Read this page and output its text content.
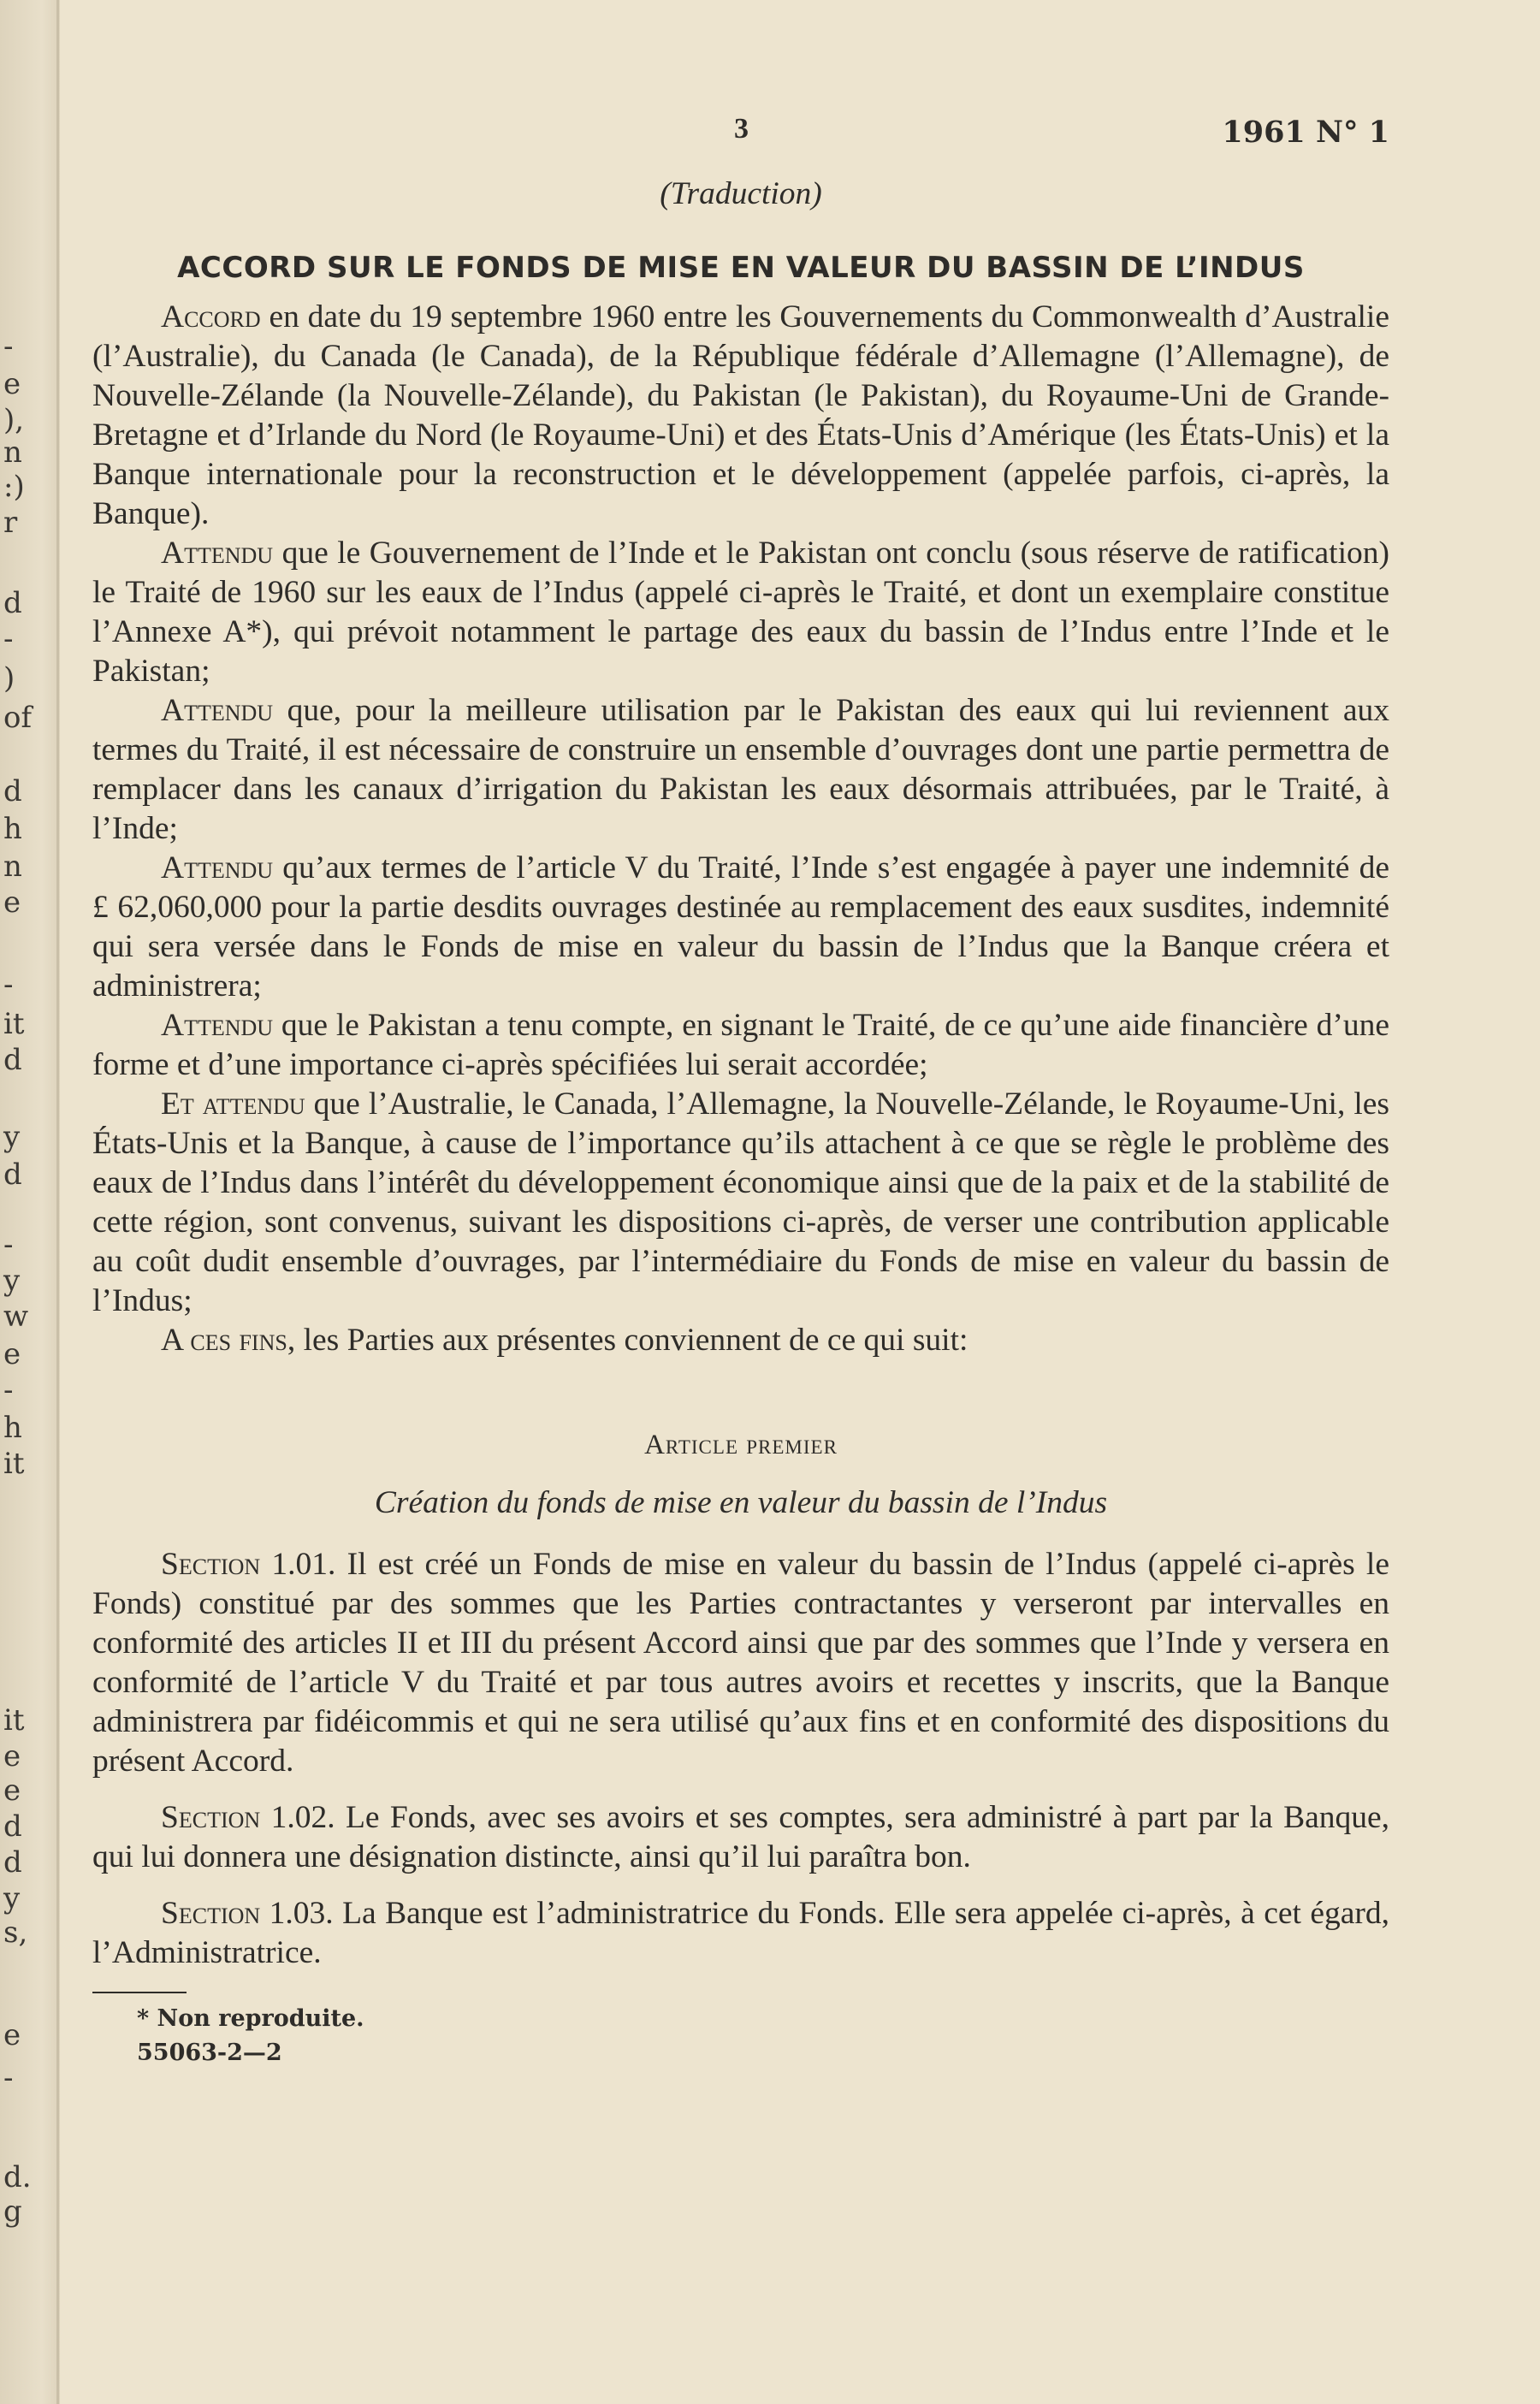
-
e
),
n
:)
r
d
-
)
of
d
h
n
e
-
it
d
y
d
-
y
w
e
-
h
it
it
e
e
d
d
y
s,
e
-
d.
g
3	1961 N° 1
(Traduction)
ACCORD SUR LE FONDS DE MISE EN VALEUR DU BASSIN DE L’INDUS

Accord en date du 19 septembre 1960 entre les Gouvernements du Commonwealth d’Australie (l’Australie), du Canada (le Canada), de la République fédérale d’Allemagne (l’Allemagne), de Nouvelle-Zélande (la Nouvelle-Zélande), du Pakistan (le Pakistan), du Royaume-Uni de Grande-Bretagne et d’Irlande du Nord (le Royaume-Uni) et des États-Unis d’Amérique (les États-Unis) et la Banque internationale pour la reconstruction et le développement (appelée parfois, ci-après, la Banque).

Attendu que le Gouvernement de l’Inde et le Pakistan ont conclu (sous réserve de ratification) le Traité de 1960 sur les eaux de l’Indus (appelé ci-après le Traité, et dont un exemplaire constitue l’Annexe A*), qui prévoit notamment le partage des eaux du bassin de l’Indus entre l’Inde et le Pakistan;

Attendu que, pour la meilleure utilisation par le Pakistan des eaux qui lui reviennent aux termes du Traité, il est nécessaire de construire un ensemble d’ouvrages dont une partie permettra de remplacer dans les canaux d’irrigation du Pakistan les eaux désormais attribuées, par le Traité, à l’Inde;

Attendu qu’aux termes de l’article V du Traité, l’Inde s’est engagée à payer une indemnité de £ 62,060,000 pour la partie desdits ouvrages destinée au remplacement des eaux susdites, indemnité qui sera versée dans le Fonds de mise en valeur du bassin de l’Indus que la Banque créera et administrera;

Attendu que le Pakistan a tenu compte, en signant le Traité, de ce qu’une aide financière d’une forme et d’une importance ci-après spécifiées lui serait accordée;

Et attendu que l’Australie, le Canada, l’Allemagne, la Nouvelle-Zélande, le Royaume-Uni, les États-Unis et la Banque, à cause de l’importance qu’ils attachent à ce que se règle le problème des eaux de l’Indus dans l’intérêt du développement économique ainsi que de la paix et de la stabilité de cette région, sont convenus, suivant les dispositions ci-après, de verser une contribution applicable au coût dudit ensemble d’ouvrages, par l’intermédiaire du Fonds de mise en valeur du bassin de l’Indus;

A ces fins, les Parties aux présentes conviennent de ce qui suit:

Article premier
Création du fonds de mise en valeur du bassin de l’Indus

Section 1.01. Il est créé un Fonds de mise en valeur du bassin de l’Indus (appelé ci-après le Fonds) constitué par des sommes que les Parties contractantes y verseront par intervalles en conformité des articles II et III du présent Accord ainsi que par des sommes que l’Inde y versera en conformité de l’article V du Traité et par tous autres avoirs et recettes y inscrits, que la Banque administrera par fidéicommis et qui ne sera utilisé qu’aux fins et en conformité des dispositions du présent Accord.

Section 1.02. Le Fonds, avec ses avoirs et ses comptes, sera administré à part par la Banque, qui lui donnera une désignation distincte, ainsi qu’il lui paraîtra bon.

Section 1.03. La Banque est l’administratrice du Fonds. Elle sera appelée ci-après, à cet égard, l’Administratrice.

* Non reproduite.
55063-2—2
